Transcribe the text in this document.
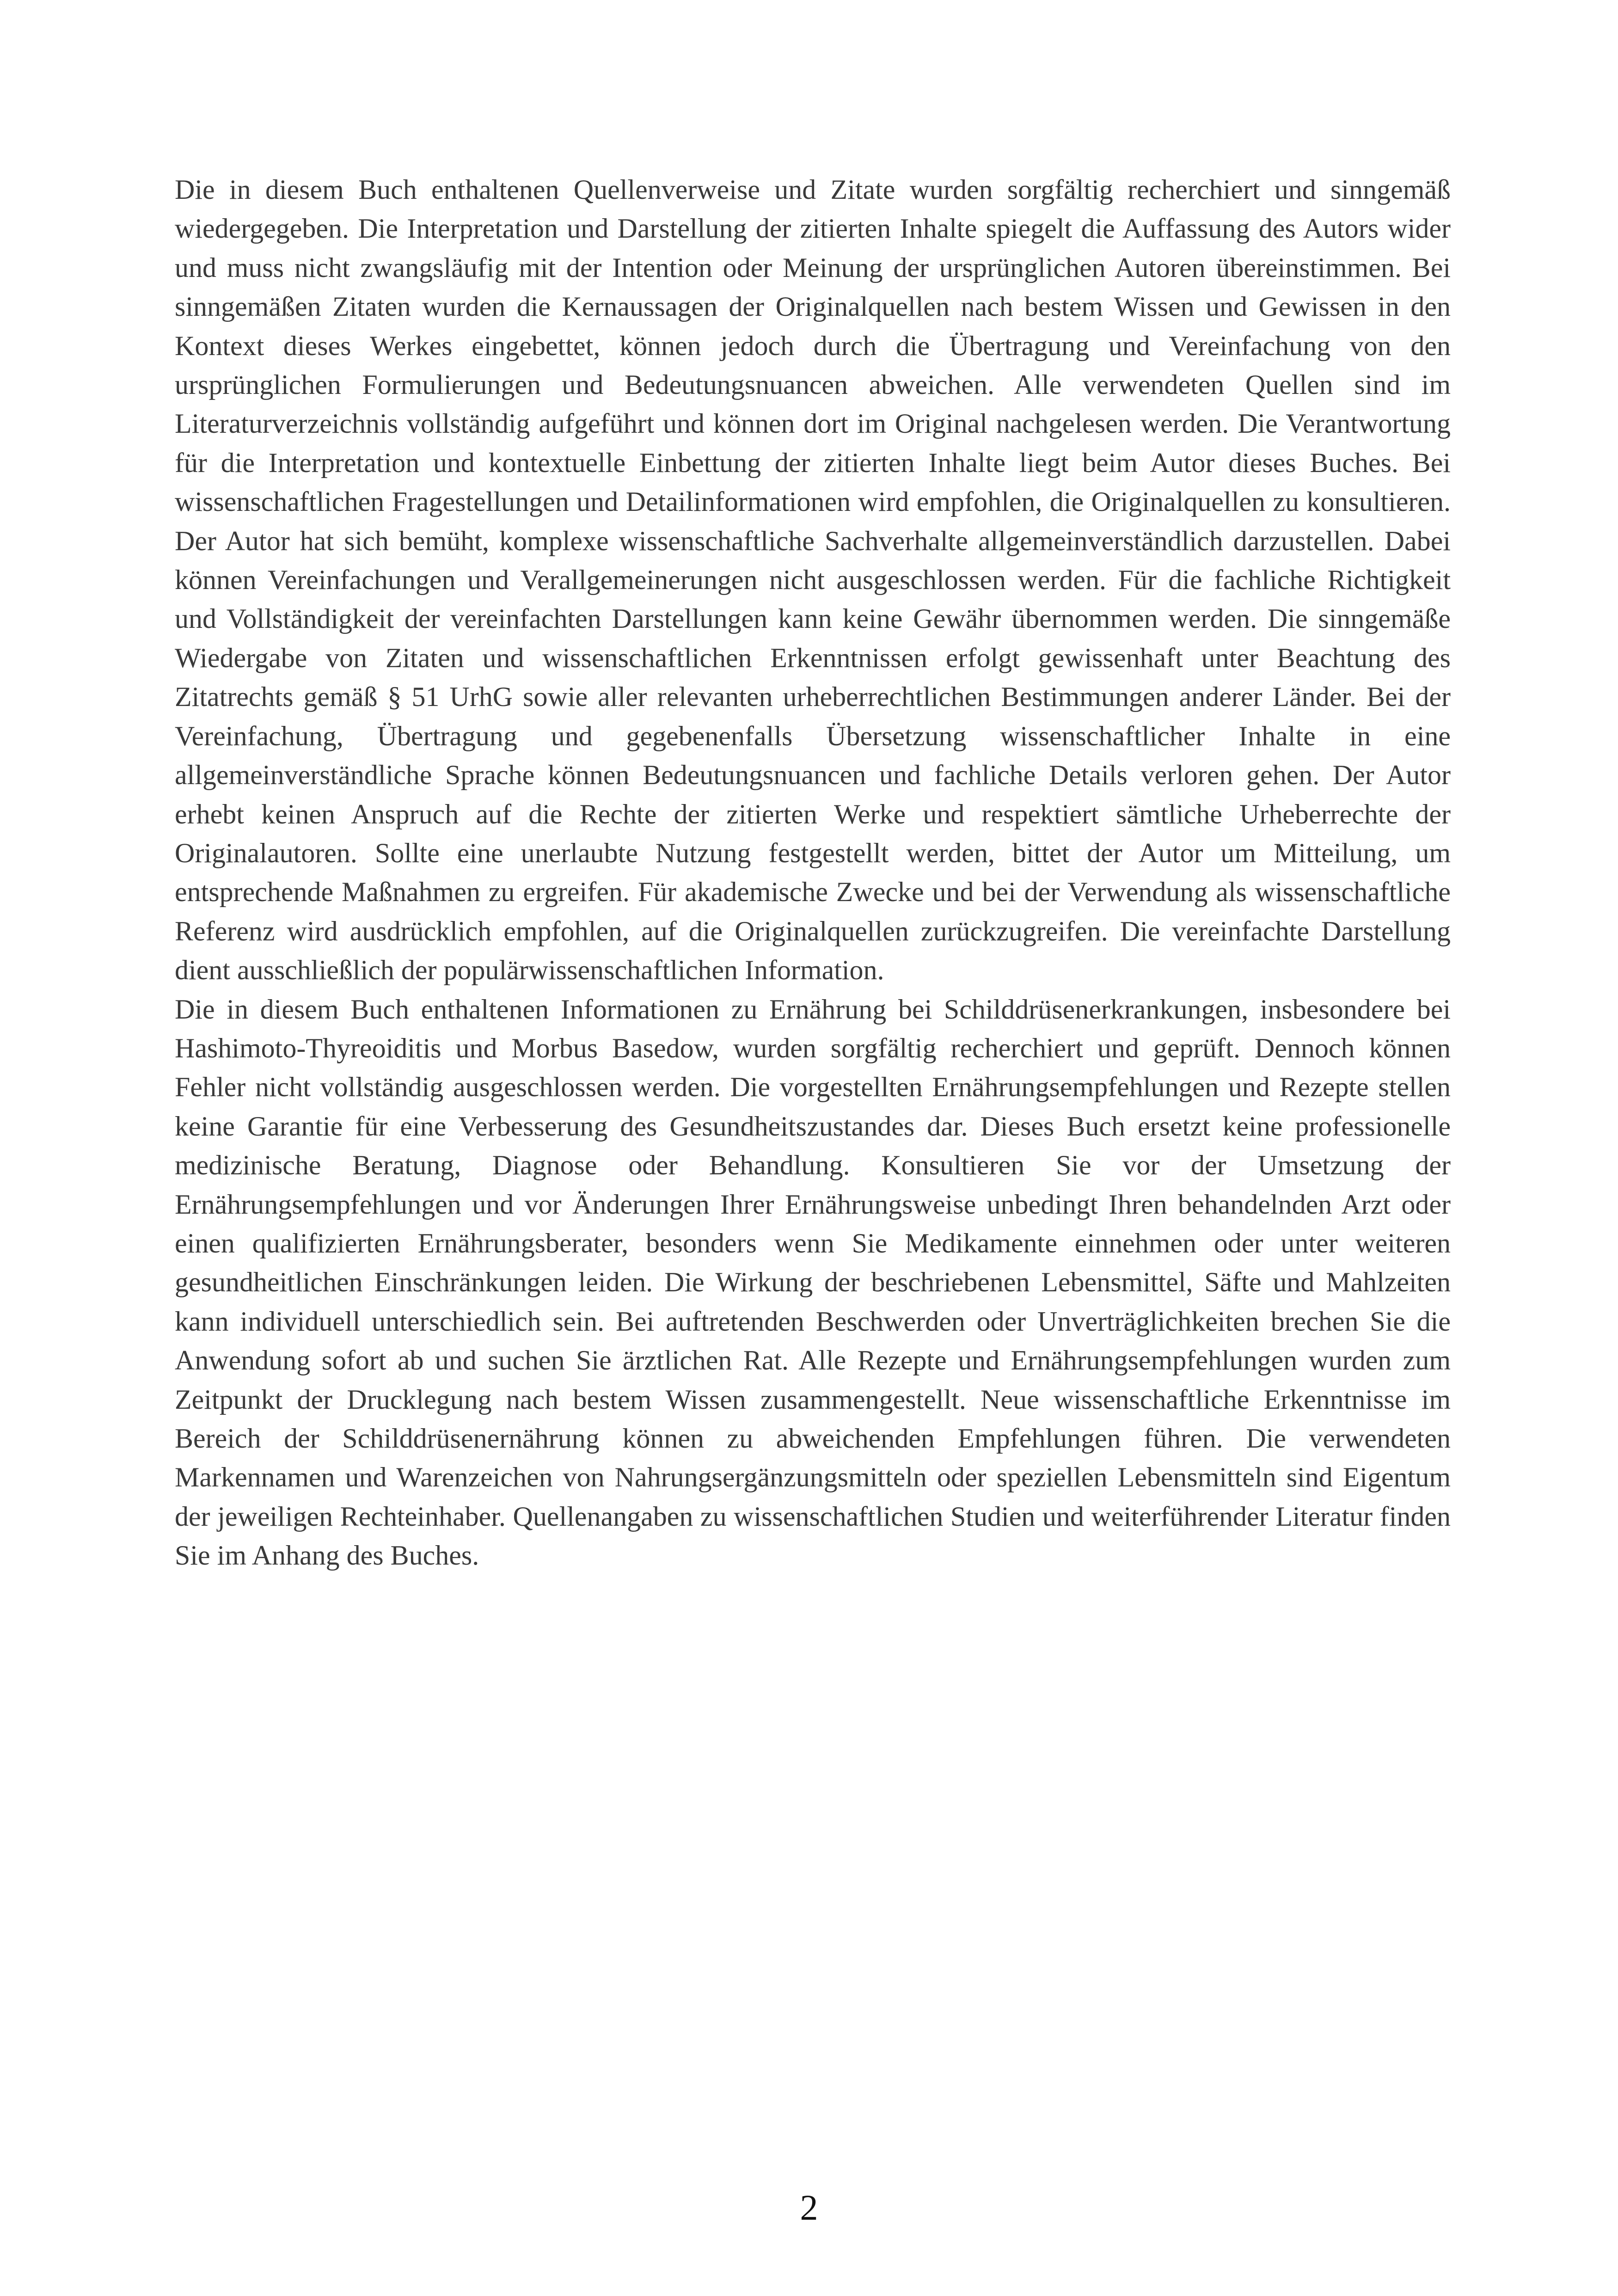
Die in diesem Buch enthaltenen Quellenverweise und Zitate wurden sorgfältig recherchiert und sinngemäß wiedergegeben. Die Interpretation und Darstellung der zitierten Inhalte spiegelt die Auffassung des Autors wider und muss nicht zwangsläufig mit der Intention oder Meinung der ursprünglichen Autoren übereinstimmen. Bei sinngemäßen Zitaten wurden die Kernaussagen der Originalquellen nach bestem Wissen und Gewissen in den Kontext dieses Werkes eingebettet, können jedoch durch die Übertragung und Vereinfachung von den ursprünglichen Formulierungen und Bedeutungsnuancen abweichen. Alle verwendeten Quellen sind im Literaturverzeichnis vollständig aufgeführt und können dort im Original nachgelesen werden. Die Verantwortung für die Interpretation und kontextuelle Einbettung der zitierten Inhalte liegt beim Autor dieses Buches. Bei wissenschaftlichen Fragestellungen und Detailinformationen wird empfohlen, die Originalquellen zu konsultieren. Der Autor hat sich bemüht, komplexe wissenschaftliche Sachverhalte allgemeinverständlich darzustellen. Dabei können Vereinfachungen und Verallgemeinerungen nicht ausgeschlossen werden. Für die fachliche Richtigkeit und Vollständigkeit der vereinfachten Darstellungen kann keine Gewähr übernommen werden. Die sinngemäße Wiedergabe von Zitaten und wissenschaftlichen Erkenntnissen erfolgt gewissenhaft unter Beachtung des Zitatrechts gemäß § 51 UrhG sowie aller relevanten urheberrechtlichen Bestimmungen anderer Länder. Bei der Vereinfachung, Übertragung und gegebenenfalls Übersetzung wissenschaftlicher Inhalte in eine allgemeinverständliche Sprache können Bedeutungsnuancen und fachliche Details verloren gehen. Der Autor erhebt keinen Anspruch auf die Rechte der zitierten Werke und respektiert sämtliche Urheberrechte der Originalautoren. Sollte eine unerlaubte Nutzung festgestellt werden, bittet der Autor um Mitteilung, um entsprechende Maßnahmen zu ergreifen. Für akademische Zwecke und bei der Verwendung als wissenschaftliche Referenz wird ausdrücklich empfohlen, auf die Originalquellen zurückzugreifen. Die vereinfachte Darstellung dient ausschließlich der populärwissenschaftlichen Information.

Die in diesem Buch enthaltenen Informationen zu Ernährung bei Schilddrüsenerkrankungen, insbesondere bei Hashimoto-Thyreoiditis und Morbus Basedow, wurden sorgfältig recherchiert und geprüft. Dennoch können Fehler nicht vollständig ausgeschlossen werden. Die vorgestellten Ernährungsempfehlungen und Rezepte stellen keine Garantie für eine Verbesserung des Gesundheitszustandes dar. Dieses Buch ersetzt keine professionelle medizinische Beratung, Diagnose oder Behandlung. Konsultieren Sie vor der Umsetzung der Ernährungsempfehlungen und vor Änderungen Ihrer Ernährungsweise unbedingt Ihren behandelnden Arzt oder einen qualifizierten Ernährungsberater, besonders wenn Sie Medikamente einnehmen oder unter weiteren gesundheitlichen Einschränkungen leiden. Die Wirkung der beschriebenen Lebensmittel, Säfte und Mahlzeiten kann individuell unterschiedlich sein. Bei auftretenden Beschwerden oder Unverträglichkeiten brechen Sie die Anwendung sofort ab und suchen Sie ärztlichen Rat. Alle Rezepte und Ernährungsempfehlungen wurden zum Zeitpunkt der Drucklegung nach bestem Wissen zusammengestellt. Neue wissenschaftliche Erkenntnisse im Bereich der Schilddrüsenernährung können zu abweichenden Empfehlungen führen. Die verwendeten Markennamen und Warenzeichen von Nahrungsergänzungsmitteln oder speziellen Lebensmitteln sind Eigentum der jeweiligen Rechteinhaber. Quellenangaben zu wissenschaftlichen Studien und weiterführender Literatur finden Sie im Anhang des Buches.

2
